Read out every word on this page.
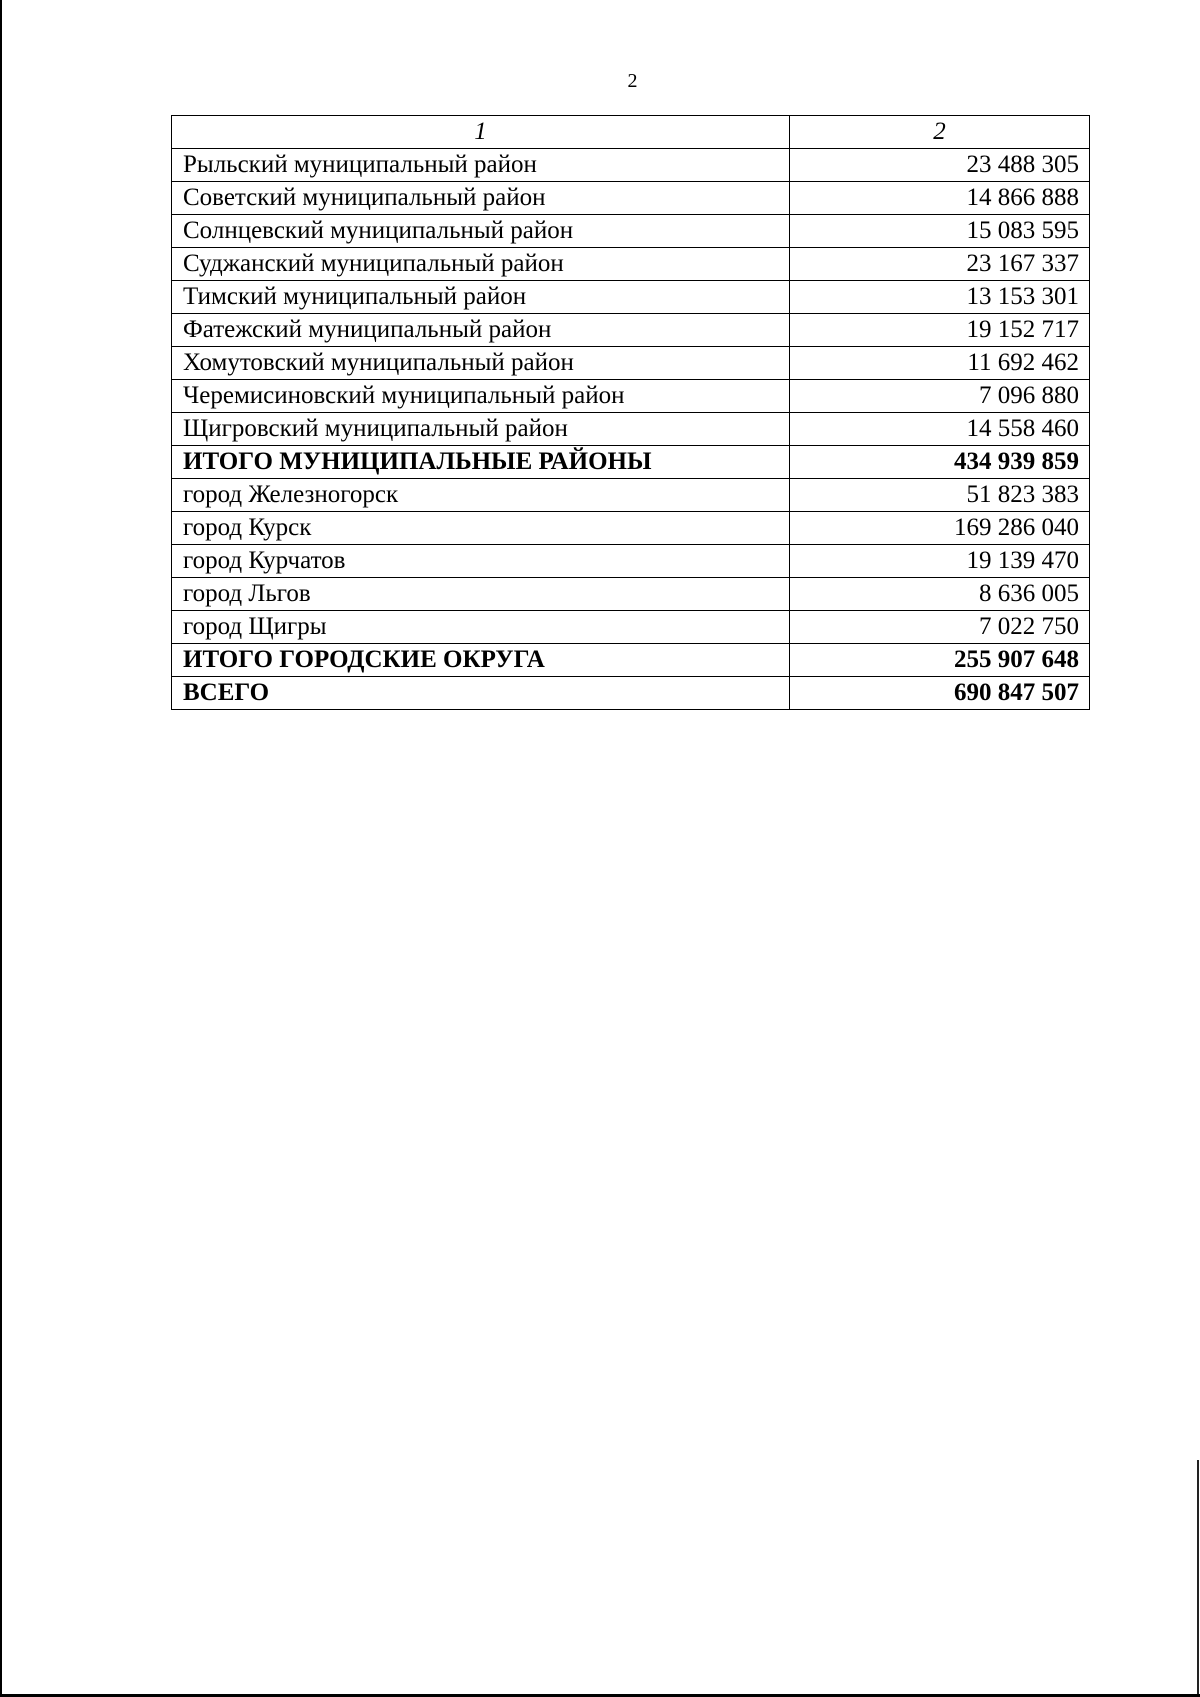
2
1	2
Рыльский муниципальный район	23 488 305
Советский муниципальный район	14 866 888
Солнцевский муниципальный район	15 083 595
Суджанский муниципальный район	23 167 337
Тимский муниципальный район	13 153 301
Фатежский муниципальный район	19 152 717
Хомутовский муниципальный район	11 692 462
Черемисиновский муниципальный район	7 096 880
Щигровский муниципальный район	14 558 460
ИТОГО МУНИЦИПАЛЬНЫЕ РАЙОНЫ	434 939 859
город Железногорск	51 823 383
город Курск	169 286 040
город Курчатов	19 139 470
город Льгов	8 636 005
город Щигры	7 022 750
ИТОГО ГОРОДСКИЕ ОКРУГА	255 907 648
ВСЕГО	690 847 507
